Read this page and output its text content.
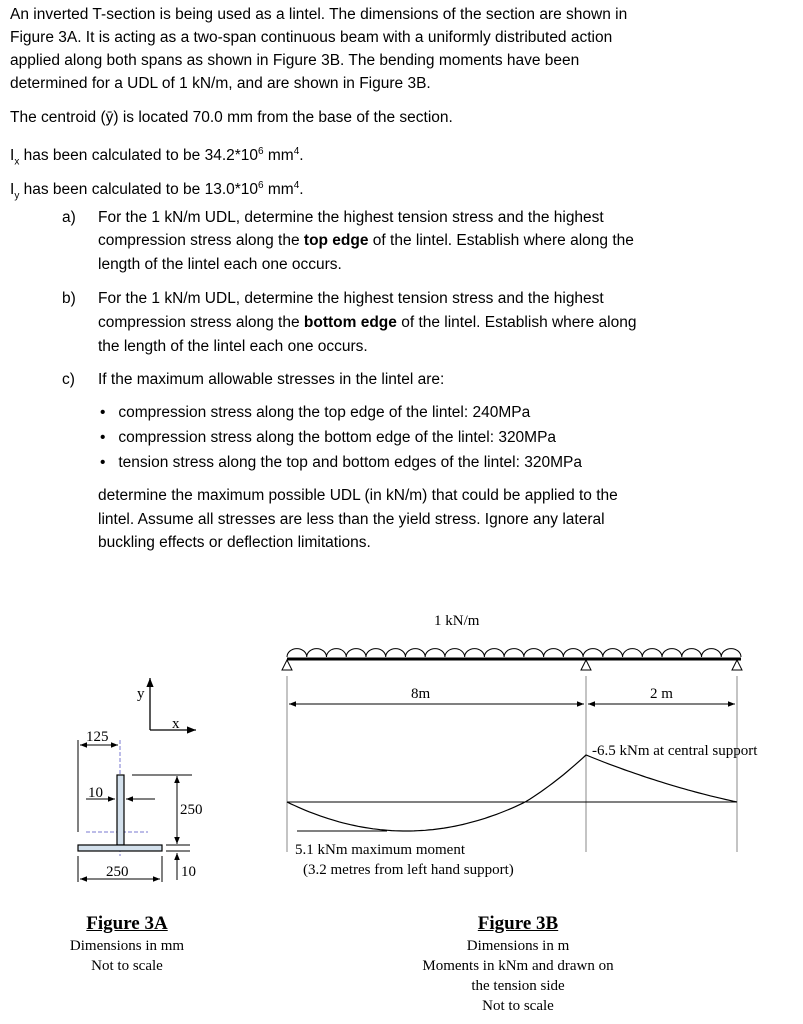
An inverted T-section is being used as a lintel. The dimensions of the section are shown in
Figure 3A. It is acting as a two-span continuous beam with a uniformly distributed action
applied along both spans as shown in Figure 3B. The bending moments have been
determined for a UDL of 1 kN/m, and are shown in Figure 3B.
The centroid (ȳ) is located 70.0 mm from the base of the section.
$I_x$ has been calculated to be $34.2*10^6$ $mm^4$.
$I_y$ has been calculated to be $13.0*10^6$ $mm^4$.
a) For the 1 kN/m UDL, determine the highest tension stress and the highest
compression stress along the top edge of the lintel. Establish where along the
length of the lintel each one occurs.
b) For the 1 kN/m UDL, determine the highest tension stress and the highest
compression stress along the bottom edge of the lintel. Establish where along
the length of the lintel each one occurs.
c) If the maximum allowable stresses in the lintel are:
•   compression stress along the top edge of the lintel: 240MPa
•   compression stress along the bottom edge of the lintel: 320MPa
•   tension stress along the top and bottom edges of the lintel: 320MPa
determine the maximum possible UDL (in kN/m) that could be applied to the
lintel. Assume all stresses are less than the yield stress. Ignore any lateral
buckling effects or deflection limitations.
y
x
125
10
250
10
250
1 kN/m
8m	2 m
-6.5 kNm at central support
5.1 kNm maximum moment
(3.2 metres from left hand support)
Figure 3A
Dimensions in mm
Not to scale
Figure 3B
Dimensions in m
Moments in kNm and drawn on
the tension side
Not to scale
